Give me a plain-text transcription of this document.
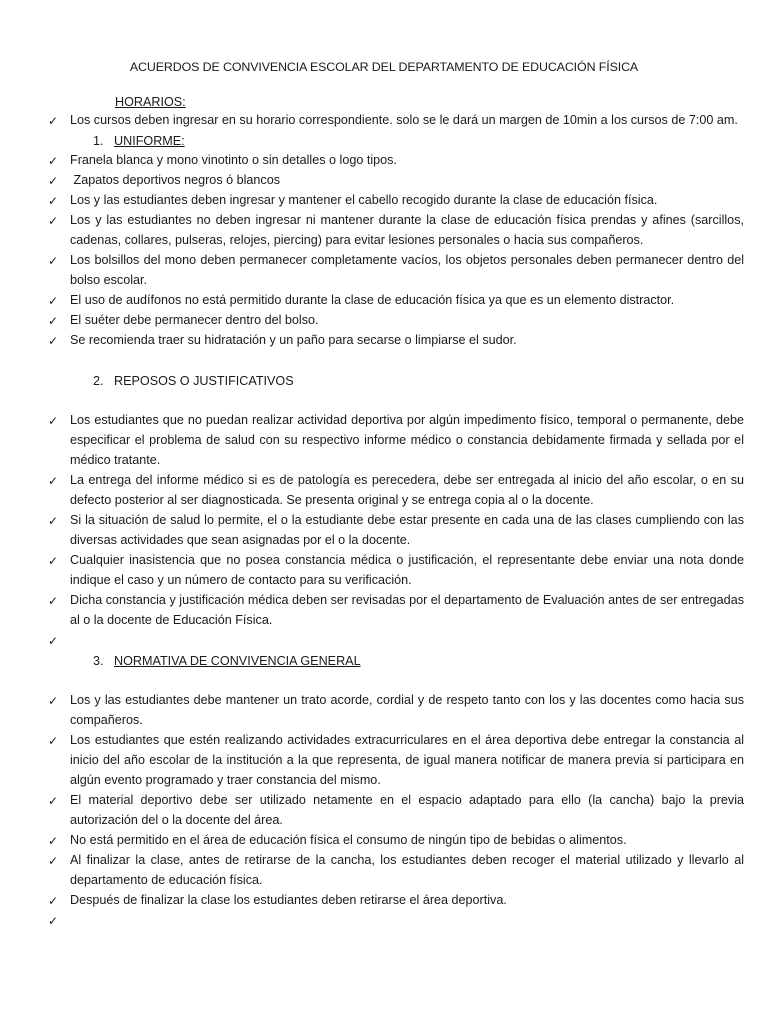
ACUERDOS DE CONVIVENCIA ESCOLAR DEL DEPARTAMENTO DE EDUCACIÓN FÍSICA
HORARIOS:
✓ Los cursos deben ingresar en su horario correspondiente. solo se le dará un margen de 10min a los cursos de 7:00 am.
1. UNIFORME:
✓ Franela blanca y mono vinotinto o sin detalles o logo tipos.
✓ Zapatos deportivos negros ó blancos
✓ Los y las estudiantes deben ingresar y mantener el cabello recogido durante la clase de educación física.
✓ Los y las estudiantes no deben ingresar ni mantener durante la clase de educación física prendas y afines (sarcillos, cadenas, collares, pulseras, relojes, piercing) para evitar lesiones personales o hacia sus compañeros.
✓ Los bolsillos del mono deben permanecer completamente vacíos, los objetos personales deben permanecer dentro del bolso escolar.
✓ El uso de audífonos no está permitido durante la clase de educación física ya que es un elemento distractor.
✓ El suéter debe permanecer dentro del bolso.
✓ Se recomienda traer su hidratación y un paño para secarse o limpiarse el sudor.
2. REPOSOS O JUSTIFICATIVOS
✓ Los estudiantes que no puedan realizar actividad deportiva por algún impedimento físico, temporal o permanente, debe especificar el problema de salud con su respectivo informe médico o constancia debidamente firmada y sellada por el médico tratante.
✓ La entrega del informe médico si es de patología es perecedera, debe ser entregada al inicio del año escolar, o en su defecto posterior al ser diagnosticada. Se presenta original y se entrega copia al o la docente.
✓ Si la situación de salud lo permite, el o la estudiante debe estar presente en cada una de las clases cumpliendo con las diversas actividades que sean asignadas por el o la docente.
✓ Cualquier inasistencia que no posea constancia médica o justificación, el representante debe enviar una nota donde indique el caso y un número de contacto para su verificación.
✓ Dicha constancia y justificación médica deben ser revisadas por el departamento de Evaluación antes de ser entregadas al o la docente de Educación Física.
✓
3. NORMATIVA DE CONVIVENCIA GENERAL
✓ Los y las estudiantes debe mantener un trato acorde, cordial y de respeto tanto con los y las docentes como hacia sus compañeros.
✓ Los estudiantes que estén realizando actividades extracurriculares en el área deportiva debe entregar la constancia al inicio del año escolar de la institución a la que representa, de igual manera notificar de manera previa si participara en algún evento programado y traer constancia del mismo.
✓ El material deportivo debe ser utilizado netamente en el espacio adaptado para ello (la cancha) bajo la previa autorización del o la docente del área.
✓ No está permitido en el área de educación física el consumo de ningún tipo de bebidas o alimentos.
✓ Al finalizar la clase, antes de retirarse de la cancha, los estudiantes deben recoger el material utilizado y llevarlo al departamento de educación física.
✓ Después de finalizar la clase los estudiantes deben retirarse el área deportiva.
✓
